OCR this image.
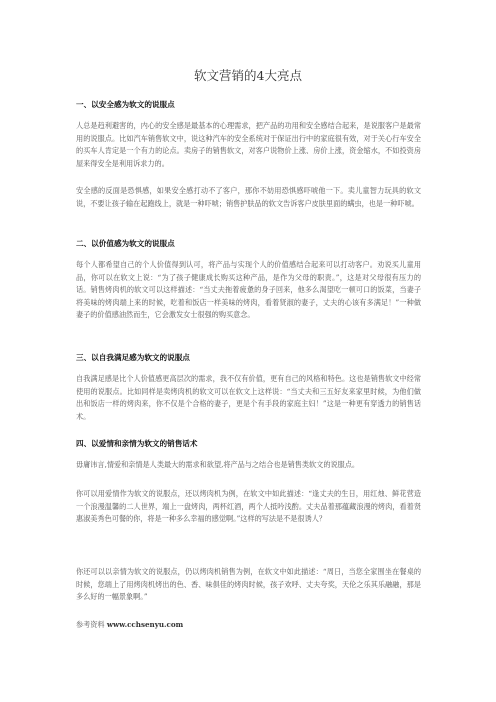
软文营销的4大亮点
一、以安全感为软文的说服点

人总是趋利避害的，内心的安全感是最基本的心理需求，把产品的功用和安全感结合起来，是说服客户是最常用的说服点。比如汽车销售软文中，说这种汽车的安全系统对于保证出行中的家庭很有效，对于关心行车安全的买车人肯定是一个有力的论点。卖房子的销售软文，对客户说物价上涨、房价上涨，资金缩水，不如投资房屋来得安全是利用诉求力的。

安全感的反面是恐惧感，如果安全感打动不了客户，那你不妨用恐惧感吓唬他一下。卖儿童智力玩具的软文说，不要让孩子输在起跑线上，就是一种吓唬；销售护肤品的软文告诉客户皮肤里面的螨虫，也是一种吓唬。

二、以价值感为软文的说服点

每个人都希望自己的个人价值得到认可，将产品与实现个人的价值感结合起来可以打动客户。劝说买儿童用品，你可以在软文上说：“为了孩子健康成长购买这种产品，是作为父母的职责。”，这是对父母很有压力的话。销售烤肉机的软文可以这样描述：“当丈夫拖着疲惫的身子回来，他多么渴望吃一顿可口的饭菜，当妻子将美味的烤肉端上来的时候，吃着和饭店一样美味的烤肉，看着贤淑的妻子，丈夫的心该有多满足！”一种做妻子的价值感油然而生，它会激发女士很强的购买意念。

三、以自我满足感为软文的说服点

自我满足感是比个人价值感更高层次的需求，我不仅有价值，更有自己的风格和特色。这也是销售软文中经常使用的说服点。比如同样是卖烤肉机的软文可以在软文上这样说：“当丈夫和三五好友来家里时候，为他们做出和饭店一样的烤肉来，你不仅是个合格的妻子，更是个有手段的家庭主妇！”这是一种更有穿透力的销售话术。

四、以爱情和亲情为软文的销售话术

毋庸讳言,情爱和亲情是人类最大的需求和欲望,将产品与之结合也是销售类软文的说服点。

你可以用爱情作为软文的说服点，还以烤肉机为例，在软文中如此描述：“逢丈夫的生日，用红烛、鲜花营造一个浪漫温馨的二人世界，端上一盘烤肉，两杯红酒，两个人抵吟浅酌。丈夫品着那蕴藏浪漫的烤肉，看着贤惠淑美秀色可餐的你，将是一种多么幸福的感觉啊。”这样的写法是不是很诱人？

你还可以以亲情为软文的说服点，仍以烤肉机销售为例，在软文中如此描述：“周日，当您全家围坐在餐桌的时候，您端上了用烤肉机烤出的色、香、味俱佳的烤肉时候，孩子欢呼、丈夫夸奖，天伦之乐其乐融融，那是多么好的一幅景象啊。”

参考资料 www.cchsenyu.com
